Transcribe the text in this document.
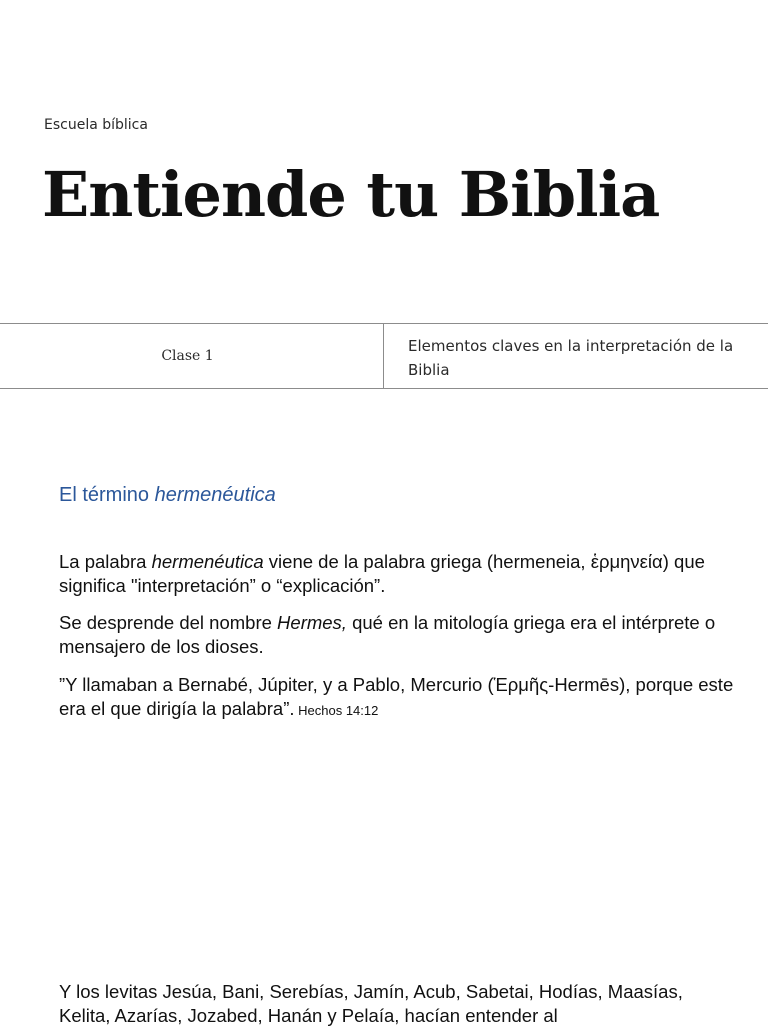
Escuela bíblica
Entiende tu Biblia
Clase 1
Elementos claves en la interpretación de la Biblia
El término hermenéutica

La palabra hermenéutica viene de la palabra griega (hermeneia, ἑρμηνεία) que significa "interpretación” o “explicación”.

Se desprende del nombre Hermes, qué en la mitología griega era el intérprete o mensajero de los dioses.

”Y llamaban a Bernabé, Júpiter, y a Pablo, Mercurio (Ἑρμῆς-Hermēs), porque este era el que dirigía la palabra”. Hechos 14:12

Y los levitas Jesúa, Bani, Serebías, Jamín, Acub, Sabetai, Hodías, Maasías, Kelita, Azarías, Jozabed, Hanán y Pelaía, hacían entender al
